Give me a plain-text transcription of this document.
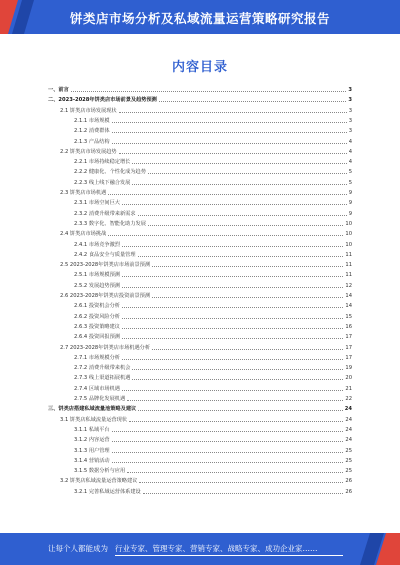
饼类店市场分析及私域流量运营策略研究报告
内容目录
一、前言	3
二、2023-2028年饼类店市场前景及趋势预测	3
2.1 饼类店市场发展现状	3
2.1.1 市场规模	3
2.1.2 消费群体	3
2.1.3 产品结构	4
2.2 饼类店市场发展趋势	4
2.2.1 市场持续稳定增长	4
2.2.2 健康化、个性化成为趋势	5
2.2.3 线上线下融合发展	5
2.3 饼类店市场机遇	9
2.3.1 市场空间巨大	9
2.3.2 消费升级带来新需求	9
2.3.3 数字化、智能化助力发展	10
2.4 饼类店市场挑战	10
2.4.1 市场竞争激烈	10
2.4.2 食品安全与质量管理	11
2.5 2023-2028年饼类店市场前景预测	11
2.5.1 市场规模预测	11
2.5.2 发展趋势预测	12
2.6 2023-2028年饼类店投资前景预测	14
2.6.1 投资机会分析	14
2.6.2 投资风险分析	15
2.6.3 投资策略建议	16
2.6.4 投资回报预测	17
2.7 2023-2028年饼类店市场机遇分析	17
2.7.1 市场规模分析	17
2.7.2 消费升级带来机会	19
2.7.3 线上渠道拓展机遇	20
2.7.4 区域市场机遇	21
2.7.5 品牌化发展机遇	22
三、饼类店搭建私域流量池策略及建议	24
3.1 饼类店私域流量运营现状	24
3.1.1 私域平台	24
3.1.2 内容运营	24
3.1.3 用户管理	25
3.1.4 营销活动	25
3.1.5 数据分析与应用	25
3.2 饼类店私域流量运营策略建议	26
3.2.1 完善私域运营体系建设	26
让每个人都能成为 行业专家、管理专家、营销专家、战略专家、成功企业家……
